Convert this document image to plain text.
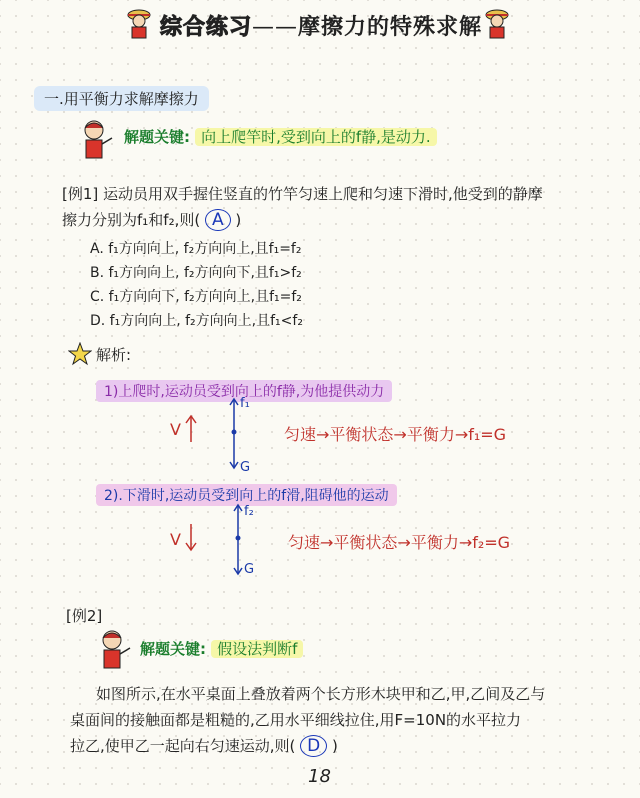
综合练习——摩擦力的特殊求解
一.用平衡力求解摩擦力
解题关键: 向上爬竿时,受到向上的f静,是动力.
[例1] 运动员用双手握住竖直的竹竿匀速上爬和匀速下滑时,他受到的静摩
擦力分别为f₁和f₂,则( A )
A. f₁方向向上, f₂方向向上,且f₁=f₂
B. f₁方向向上, f₂方向向下,且f₁>f₂
C. f₁方向向下, f₂方向向上,且f₁=f₂
D. f₁方向向上, f₂方向向上,且f₁<f₂
解析:
1)上爬时,运动员受到向上的f静,为他提供动力
V
f₁
G
匀速→平衡状态→平衡力→f₁=G
2).下滑时,运动员受到向上的f滑,阻碍他的运动
V
f₂
G
匀速→平衡状态→平衡力→f₂=G
[例2]
解题关键: 假设法判断f
如图所示,在水平桌面上叠放着两个长方形木块甲和乙,甲,乙间及乙与
桌面间的接触面都是粗糙的,乙用水平细线拉住,用F=10N的水平拉力
拉乙,使甲乙一起向右匀速运动,则( D )
18
